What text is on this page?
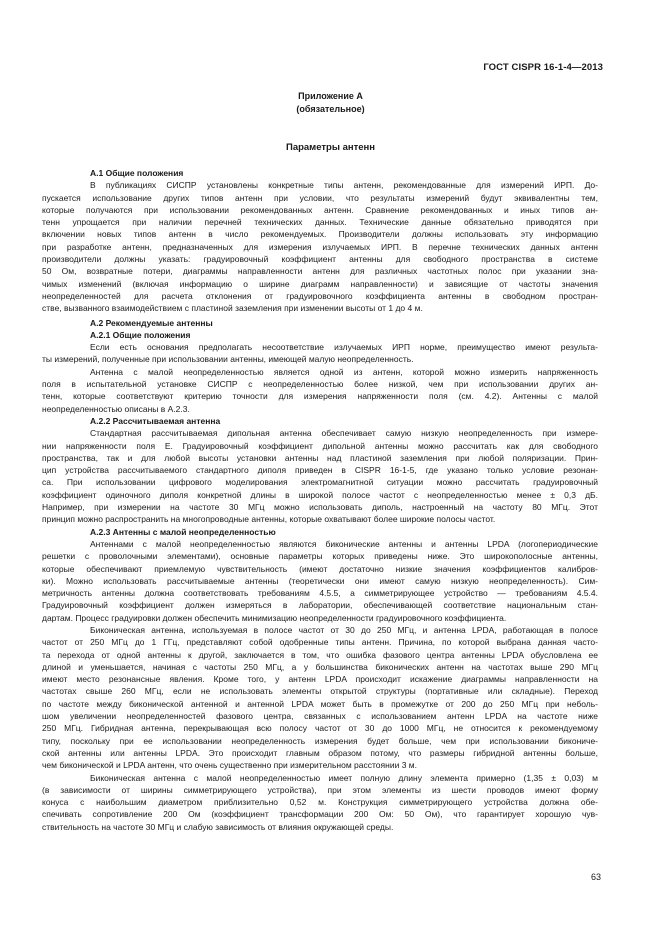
ГОСТ CISPR 16-1-4—2013
Приложение А
(обязательное)
Параметры антенн
А.1 Общие положения
В публикациях СИСПР установлены конкретные типы антенн, рекомендованные для измерений ИРП. До-
пускается использование других типов антенн при условии, что результаты измерений будут эквивалентны тем,
которые получаются при использовании рекомендованных антенн. Сравнение рекомендованных и иных типов ан-
тенн упрощается при наличии перечней технических данных. Технические данные обязательно приводятся при
включении новых типов антенн в число рекомендуемых. Производители должны использовать эту информацию
при разработке антенн, предназначенных для измерения излучаемых ИРП. В перечне технических данных антенн
производители должны указать: градуировочный коэффициент антенны для свободного пространства в системе
50 Ом, возвратные потери, диаграммы направленности антенн для различных частотных полос при указании зна-
чимых изменений (включая информацию о ширине диаграмм направленности) и зависящие от частоты значения
неопределенностей для расчета отклонения от градуировочного коэффициента антенны в свободном простран-
стве, вызванного взаимодействием с пластиной заземления при изменении высоты от 1 до 4 м.
А.2 Рекомендуемые антенны
А.2.1 Общие положения
Если есть основания предполагать несоответствие излучаемых ИРП норме, преимущество имеют результа-
ты измерений, полученные при использовании антенны, имеющей малую неопределенность.
Антенна с малой неопределенностью является одной из антенн, которой можно измерить напряженность
поля в испытательной установке СИСПР с неопределенностью более низкой, чем при использовании других ан-
тенн, которые соответствуют критерию точности для измерения напряженности поля (см. 4.2). Антенны с малой
неопределенностью описаны в А.2.3.
А.2.2 Рассчитываемая антенна
Стандартная рассчитываемая дипольная антенна обеспечивает самую низкую неопределенность при измере-
нии напряженности поля Е. Градуировочный коэффициент дипольной антенны можно рассчитать как для свободного
пространства, так и для любой высоты установки антенны над пластиной заземления при любой поляризации. Прин-
цип устройства рассчитываемого стандартного диполя приведен в CISPR 16-1-5, где указано только условие резонан-
са. При использовании цифрового моделирования электромагнитной ситуации можно рассчитать градуировочный
коэффициент одиночного диполя конкретной длины в широкой полосе частот с неопределенностью менее ± 0,3 дБ.
Например, при измерении на частоте 30 МГц можно использовать диполь, настроенный на частоту 80 МГц. Этот
принцип можно распространить на многопроводные антенны, которые охватывают более широкие полосы частот.
А.2.3 Антенны с малой неопределенностью
Антеннами с малой неопределенностью являются биконические антенны и антенны LPDA (логопериодические
решетки с проволочными элементами), основные параметры которых приведены ниже. Это широкополосные антенны,
которые обеспечивают приемлемую чувствительность (имеют достаточно низкие значения коэффициентов калибров-
ки). Можно использовать рассчитываемые антенны (теоретически они имеют самую низкую неопределенность). Сим-
метричность антенны должна соответствовать требованиям 4.5.5, а симметрирующее устройство — требованиям 4.5.4.
Градуировочный коэффициент должен измеряться в лаборатории, обеспечивающей соответствие национальным стан-
дартам. Процесс градуировки должен обеспечить минимизацию неопределенности градуировочного коэффициента.
Биконическая антенна, используемая в полосе частот от 30 до 250 МГц, и антенна LPDA, работающая в полосе
частот от 250 МГц до 1 ГГц, представляют собой одобренные типы антенн. Причина, по которой выбрана данная часто-
та перехода от одной антенны к другой, заключается в том, что ошибка фазового центра антенны LPDA обусловлена ее
длиной и уменьшается, начиная с частоты 250 МГц, а у большинства биконических антенн на частотах выше 290 МГц
имеют место резонансные явления. Кроме того, у антенн LPDA происходит искажение диаграммы направленности на
частотах свыше 260 МГц, если не использовать элементы открытой структуры (портативные или складные). Переход
по частоте между биконической антенной и антенной LPDA может быть в промежутке от 200 до 250 МГц при неболь-
шом увеличении неопределенностей фазового центра, связанных с использованием антенн LPDA на частоте ниже
250 МГц. Гибридная антенна, перекрывающая всю полосу частот от 30 до 1000 МГц, не относится к рекомендуемому
типу, поскольку при ее использовании неопределенность измерения будет больше, чем при использовании бикониче-
ской антенны или антенны LPDA. Это происходит главным образом потому, что размеры гибридной антенны больше,
чем биконической и LPDA антенн, что очень существенно при измерительном расстоянии 3 м.
Биконическая антенна с малой неопределенностью имеет полную длину элемента примерно (1,35 ± 0,03) м
(в зависимости от ширины симметрирующего устройства), при этом элементы из шести проводов имеют форму
конуса с наибольшим диаметром приблизительно 0,52 м. Конструкция симметрирующего устройства должна обе-
спечивать сопротивление 200 Ом (коэффициент трансформации 200 Ом: 50 Ом), что гарантирует хорошую чув-
ствительность на частоте 30 МГц и слабую зависимость от влияния окружающей среды.
63
